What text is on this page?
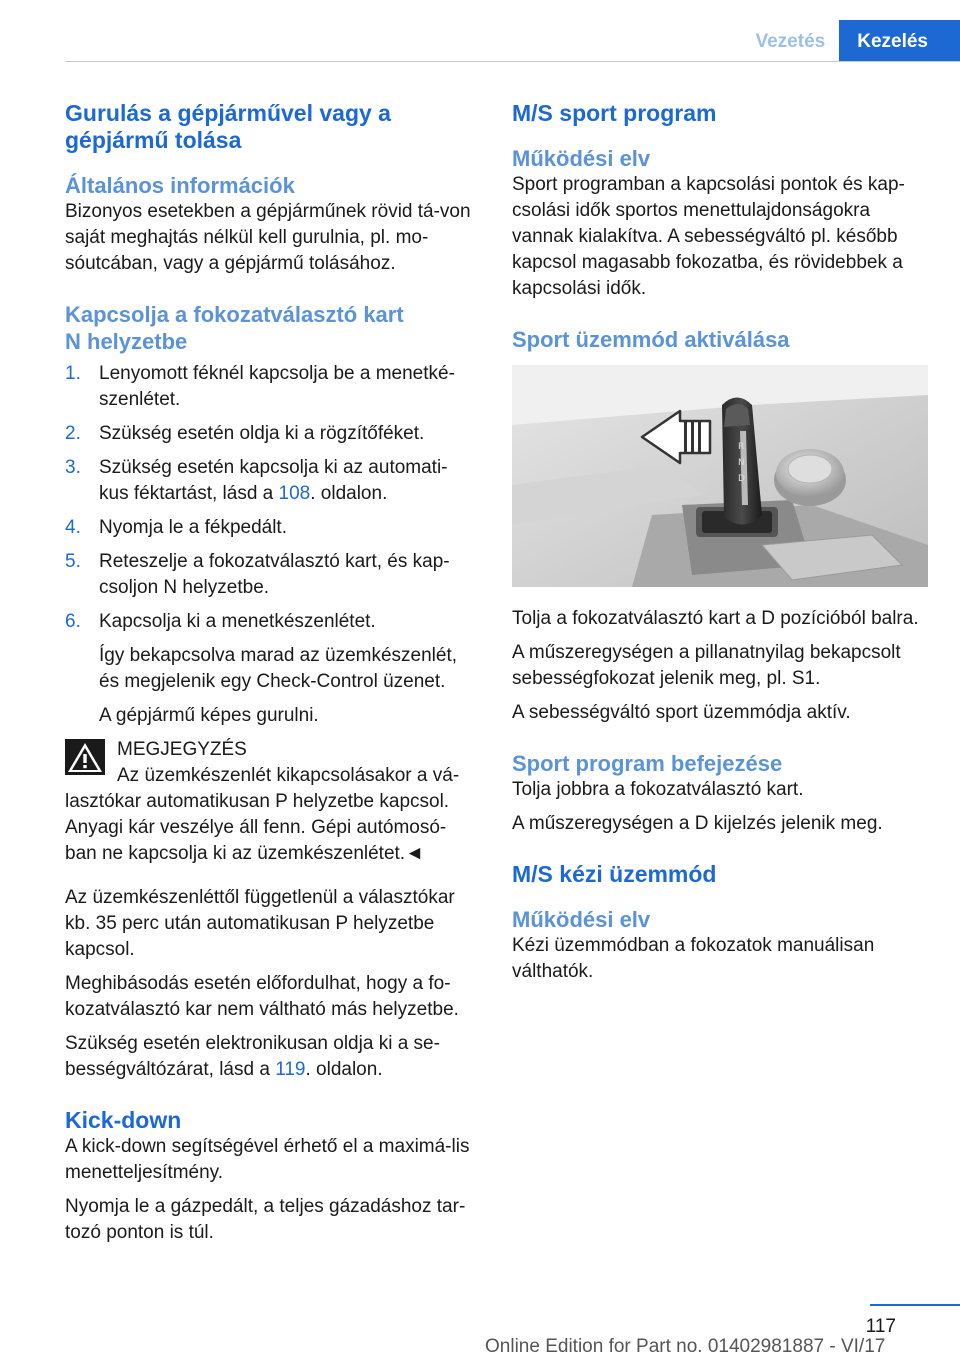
Vezetés	Kezelés
Gurulás a gépjárművel vagy a gépjármű tolása
Általános információk

Bizonyos esetekben a gépjárműnek rövid tá-von saját meghajtás nélkül kell gurulnia, pl. mo-sóutcában, vagy a gépjármű tolásához.

Kapcsolja a fokozatválasztó kart
N helyzetbe
1. Lenyomott féknél kapcsolja be a menetké-szenlétet.
2. Szükség esetén oldja ki a rögzítőféket.
3. Szükség esetén kapcsolja ki az automati-kus féktartást, lásd a 108. oldalon.
4. Nyomja le a fékpedált.
5. Reteszelje a fokozatválasztó kart, és kap-csoljon N helyzetbe.
6. Kapcsolja ki a menetkészenlétet.

Így bekapcsolva marad az üzemkészenlét, és megjelenik egy Check-Control üzenet.

A gépjármű képes gurulni.

MEGJEGYZÉS

Az üzemkészenlét kikapcsolásakor a vá-

lasztókar automatikusan P helyzetbe kapcsol. Anyagi kár veszélye áll fenn. Gépi autómosó-ban ne kapcsolja ki az üzemkészenlétet.◄

Az üzemkészenléttől függetlenül a választókar kb. 35 perc után automatikusan P helyzetbe kapcsol.

Meghibásodás esetén előfordulhat, hogy a fo-kozatválasztó kar nem váltható más helyzetbe.

Szükség esetén elektronikusan oldja ki a se-bességváltózárat, lásd a 119. oldalon.

Kick-down

A kick-down segítségével érhető el a maximá-lis menetteljesítmény.

Nyomja le a gázpedált, a teljes gázadáshoz tar-tozó ponton is túl.

M/S sport program
Működési elv

Sport programban a kapcsolási pontok és kap-csolási idők sportos menettulajdonságokra vannak kialakítva. A sebességváltó pl. később kapcsol magasabb fokozatba, és rövidebbek a kapcsolási idők.

Sport üzemmód aktiválása
R
N
D

Tolja a fokozatválasztó kart a D pozícióból balra.

A műszeregységen a pillanatnyilag bekapcsolt sebességfokozat jelenik meg, pl. S1.

A sebességváltó sport üzemmódja aktív.

Sport program befejezése

Tolja jobbra a fokozatválasztó kart.

A műszeregységen a D kijelzés jelenik meg.

M/S kézi üzemmód
Működési elv

Kézi üzemmódban a fokozatok manuálisan válthatók.

117
Online Edition for Part no. 01402981887 - VI/17
